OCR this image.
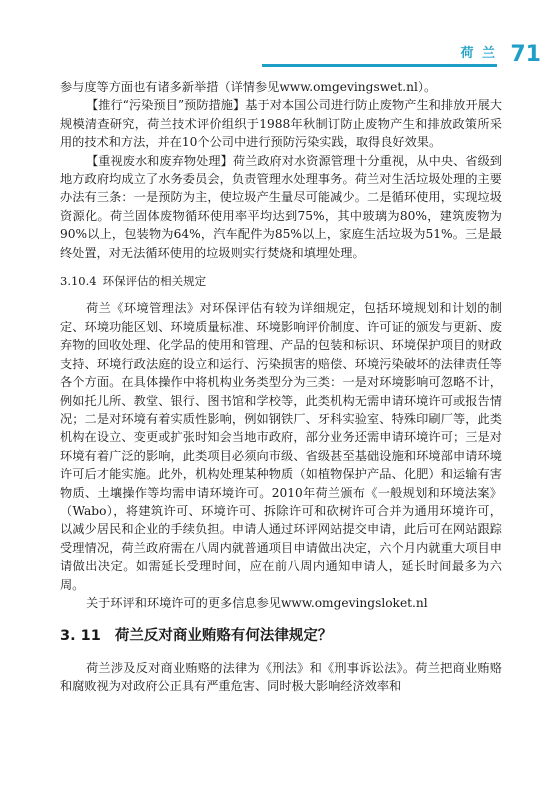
荷 兰 71

参与度等方面也有诸多新举措（详情参见www.omgevingswet.nl）。

【推行“污染预目”预防措施】基于对本国公司进行防止废物产生和排放开展大规模清查研究，荷兰技术评价组织于1988年秋制订防止废物产生和排放政策所采用的技术和方法，并在10个公司中进行预防污染实践，取得良好效果。

【重视废水和废弃物处理】荷兰政府对水资源管理十分重视，从中央、省级到地方政府均成立了水务委员会，负责管理水处理事务。荷兰对生活垃圾处理的主要办法有三条：一是预防为主，使垃圾产生量尽可能减少。二是循环使用，实现垃圾资源化。荷兰固体废物循环使用率平均达到75%，其中玻璃为80%，建筑废物为90%以上，包装物为64%，汽车配件为85%以上，家庭生活垃圾为51%。三是最终处置，对无法循环使用的垃圾则实行焚烧和填埋处理。

3.10.4 环保评估的相关规定

荷兰《环境管理法》对环保评估有较为详细规定，包括环境规划和计划的制定、环境功能区划、环境质量标准、环境影响评价制度、许可证的颁发与更新、废弃物的回收处理、化学品的使用和管理、产品的包装和标识、环境保护项目的财政支持、环境行政法庭的设立和运行、污染损害的赔偿、环境污染破坏的法律责任等各个方面。在具体操作中将机构业务类型分为三类：一是对环境影响可忽略不计，例如托儿所、教堂、银行、图书馆和学校等，此类机构无需申请环境许可或报告情况；二是对环境有着实质性影响，例如钢铁厂、牙科实验室、特殊印刷厂等，此类机构在设立、变更或扩张时知会当地市政府，部分业务还需申请环境许可；三是对环境有着广泛的影响，此类项目必须向市级、省级甚至基础设施和环境部申请环境许可后才能实施。此外，机构处理某种物质（如植物保护产品、化肥）和运输有害物质、土壤操作等均需申请环境许可。2010年荷兰颁布《一般规划和环境法案》（Wabo），将建筑许可、环境许可、拆除许可和砍树许可合并为通用环境许可，以减少居民和企业的手续负担。申请人通过环评网站提交申请，此后可在网站跟踪受理情况，荷兰政府需在八周内就普通项目申请做出决定，六个月内就重大项目申请做出决定。如需延长受理时间，应在前八周内通知申请人，延长时间最多为六周。

关于环评和环境许可的更多信息参见www.omgevingsloket.nl

3. 11 荷兰反对商业贿赂有何法律规定？

荷兰涉及反对商业贿赂的法律为《刑法》和《刑事诉讼法》。荷兰把商业贿赂和腐败视为对政府公正具有严重危害、同时极大影响经济效率和
